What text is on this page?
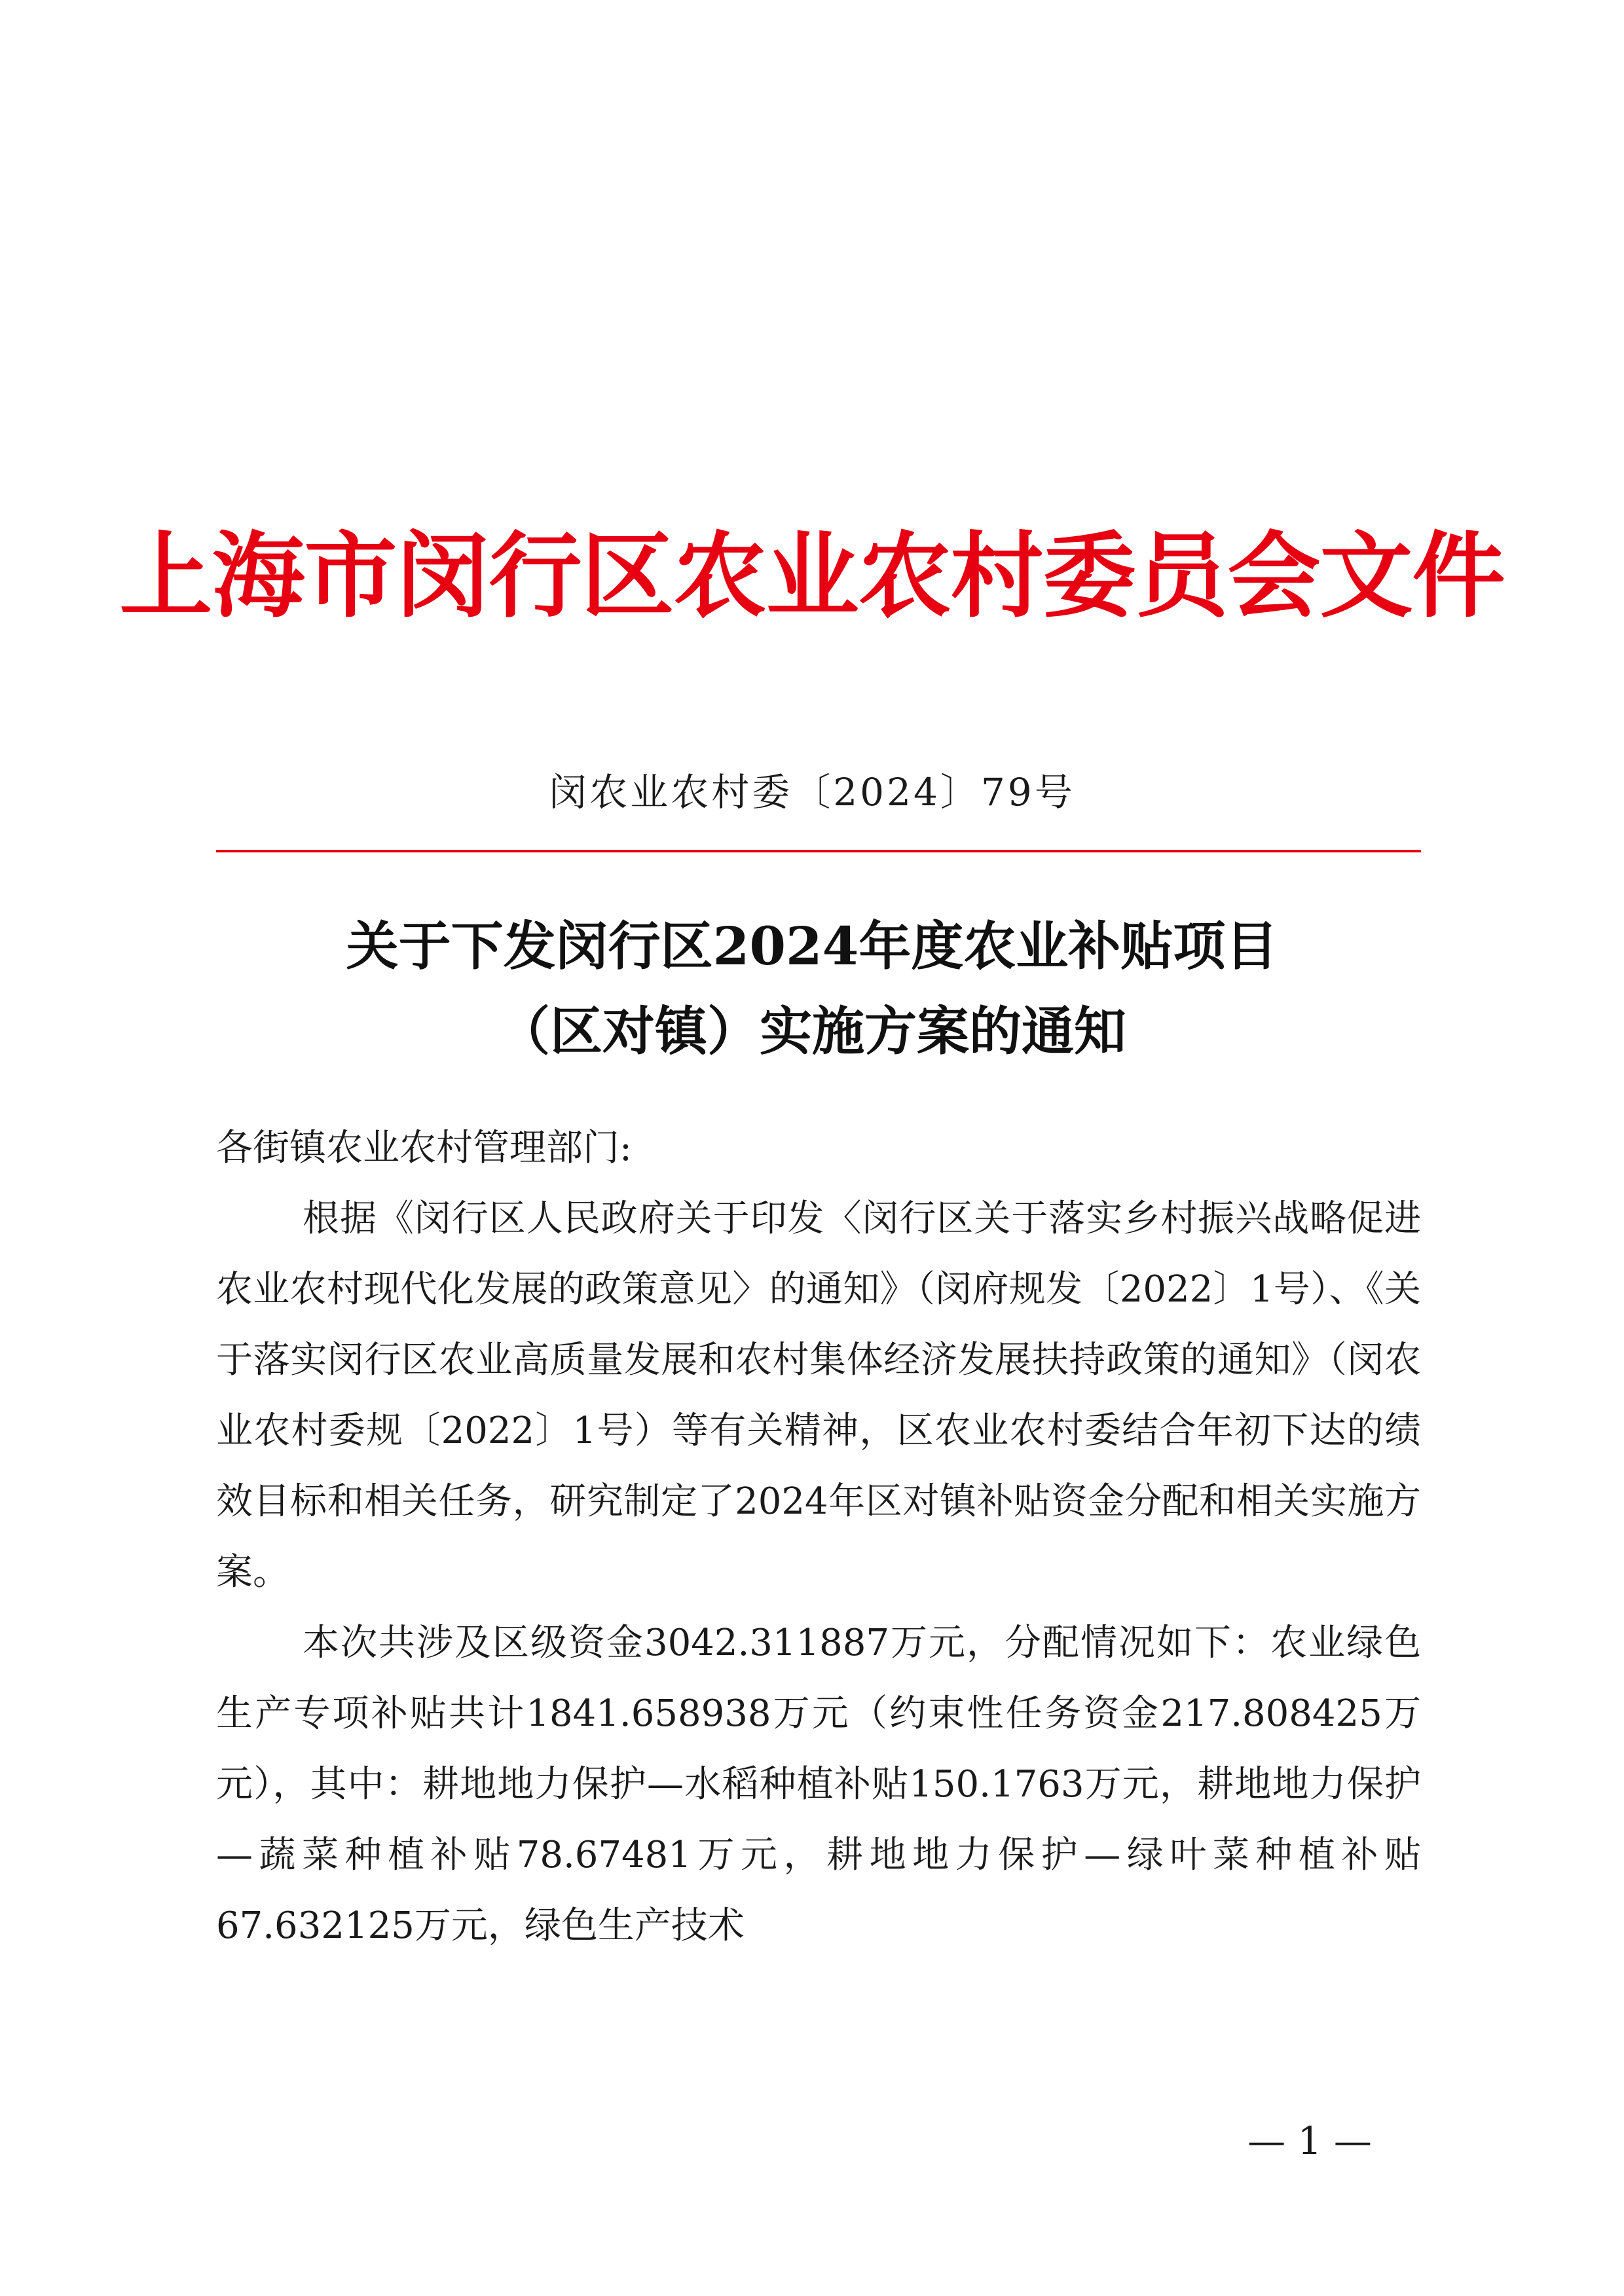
上海市闵行区农业农村委员会文件
闵农业农村委〔2024〕79号
关于下发闵行区2024年度农业补贴项目
（区对镇）实施方案的通知

各街镇农业农村管理部门:

根据《闵行区人民政府关于印发〈闵行区关于落实乡村振兴战略促进农业农村现代化发展的政策意见〉的通知》（闵府规发〔2022〕1号）、《关于落实闵行区农业高质量发展和农村集体经济发展扶持政策的通知》（闵农业农村委规〔2022〕1号）等有关精神，区农业农村委结合年初下达的绩效目标和相关任务，研究制定了2024年区对镇补贴资金分配和相关实施方案。

本次共涉及区级资金3042.311887万元，分配情况如下：农业绿色生产专项补贴共计1841.658938万元（约束性任务资金217.808425万元），其中：耕地地力保护—水稻种植补贴150.1763万元，耕地地力保护—蔬菜种植补贴78.67481万元，耕地地力保护—绿叶菜种植补贴67.632125万元，绿色生产技术

— 1 —
